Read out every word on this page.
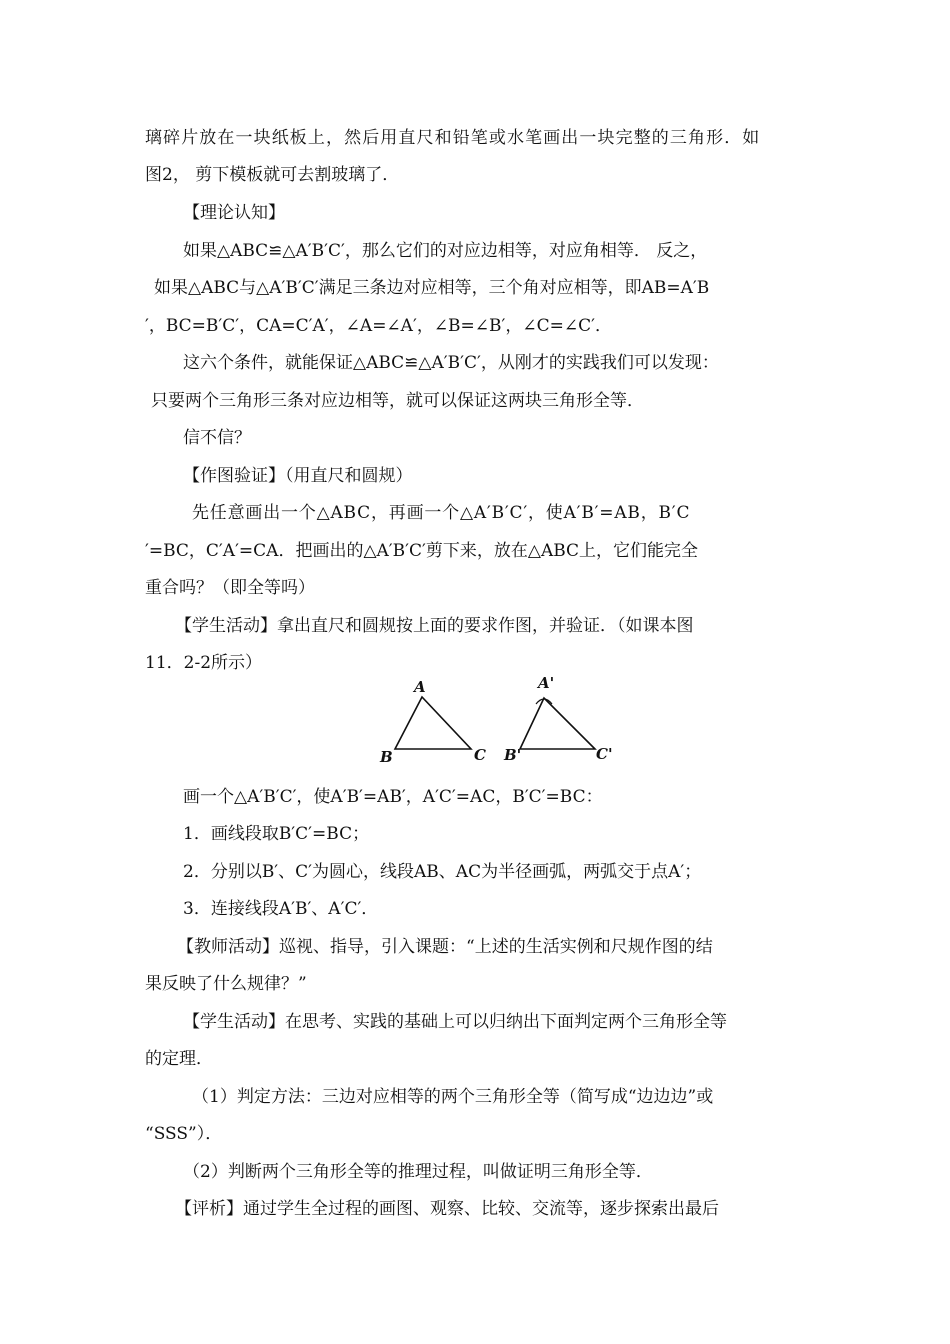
璃碎片放在一块纸板上，然后用直尺和铅笔或水笔画出一块完整的三角形．如
图2， 剪下模板就可去割玻璃了．
【理论认知】
如果△ABC≌△A′B′C′，那么它们的对应边相等，对应角相等． 反之，
如果△ABC与△A′B′C′满足三条边对应相等，三个角对应相等，即AB=A′B
′，BC=B′C′，CA=C′A′，∠A=∠A′，∠B=∠B′，∠C=∠C′．
这六个条件，就能保证△ABC≌△A′B′C′，从刚才的实践我们可以发现：
只要两个三角形三条对应边相等，就可以保证这两块三角形全等．
信不信？
【作图验证】（用直尺和圆规）
先任意画出一个△ABC，再画一个△A′B′C′，使A′B′=AB，B′C
′=BC，C′A′=CA．把画出的△A′B′C′剪下来，放在△ABC上，它们能完全
重合吗？（即全等吗）
【学生活动】拿出直尺和圆规按上面的要求作图，并验证．（如课本图
11．2-2所示）
A
B	C
A'
B'	C'
画一个△A′B′C′，使A′B′=AB′，A′C′=AC，B′C′=BC：
1．画线段取B′C′=BC；
2．分别以B′、C′为圆心，线段AB、AC为半径画弧，两弧交于点A′；
3．连接线段A′B′、A′C′．
【教师活动】巡视、指导，引入课题：“上述的生活实例和尺规作图的结
果反映了什么规律？”
【学生活动】在思考、实践的基础上可以归纳出下面判定两个三角形全等
的定理．
（1）判定方法：三边对应相等的两个三角形全等（简写成“边边边”或
“SSS”）．
（2）判断两个三角形全等的推理过程，叫做证明三角形全等．
【评析】通过学生全过程的画图、观察、比较、交流等，逐步探索出最后
